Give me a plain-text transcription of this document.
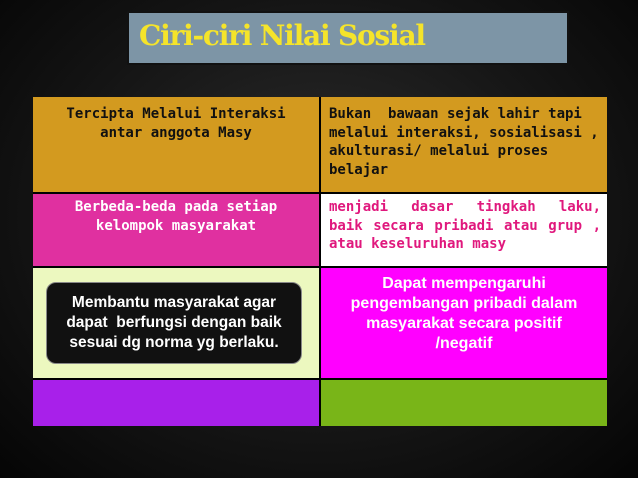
Ciri-ciri Nilai Sosial
Tercipta Melalui Interaksi
antar anggota Masy
Bukan  bawaan sejak lahir tapi
melalui interaksi, sosialisasi ,
akulturasi/ melalui proses
belajar
Berbeda-beda pada setiap
kelompok masyarakat
menjadi dasar tingkah laku,
baik secara pribadi atau grup ,
atau keseluruhan masy
Membantu masyarakat agar
dapat  berfungsi dengan baik
sesuai dg norma yg berlaku.
Dapat mempengaruhi
pengembangan pribadi dalam
masyarakat secara positif
/negatif
